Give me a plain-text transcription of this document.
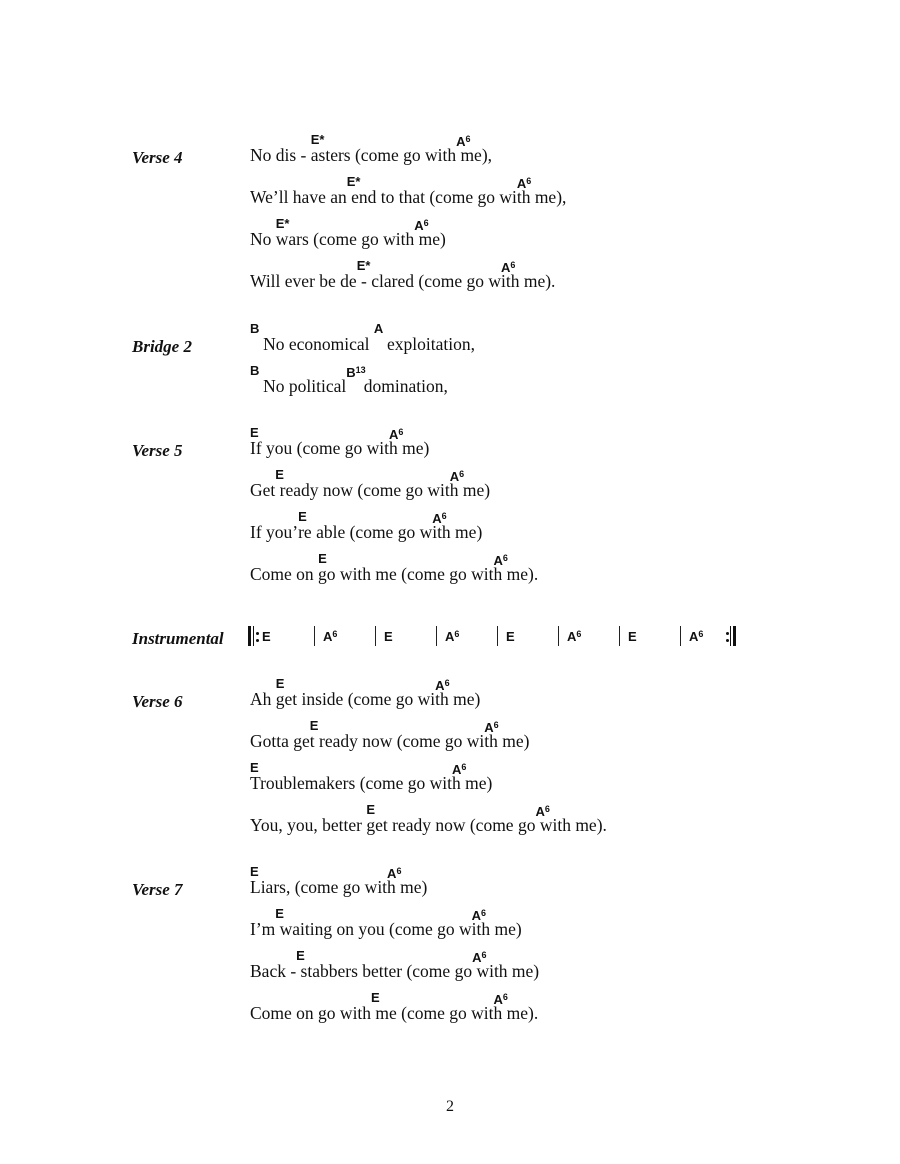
Verse 4	No dis - asters (come go with me),
E*	$A^6$
We’ll have an end to that (come go with me),
E*	$A^6$
No wars (come go with me)
E*	$A^6$
Will ever be de - clared (come go with me).
E*	$A^6$
Bridge 2	No economical    exploitation,
B	A
No political    domination,
B	$B^{13}$
Verse 5	If you (come go with me)
E	$A^6$
Get ready now (come go with me)
E	$A^6$
If you’re able (come go with me)
E	$A^6$
Come on go with me (come go with me).
E	$A^6$
Verse 6	Ah get inside (come go with me)
E	$A^6$
Gotta get ready now (come go with me)
E	$A^6$
Troublemakers (come go with me)
E	$A^6$
You, you, better get ready now (come go with me).
E	$A^6$
Verse 7	Liars, (come go with me)
E	$A^6$
I’m waiting on you (come go with me)
E	$A^6$
Back - stabbers better (come go with me)
E	$A^6$
Come on go with me (come go with me).
E	$A^6$
Instrumental	E	$A^6$	E	$A^6$	E	$A^6$	E	$A^6$
2
